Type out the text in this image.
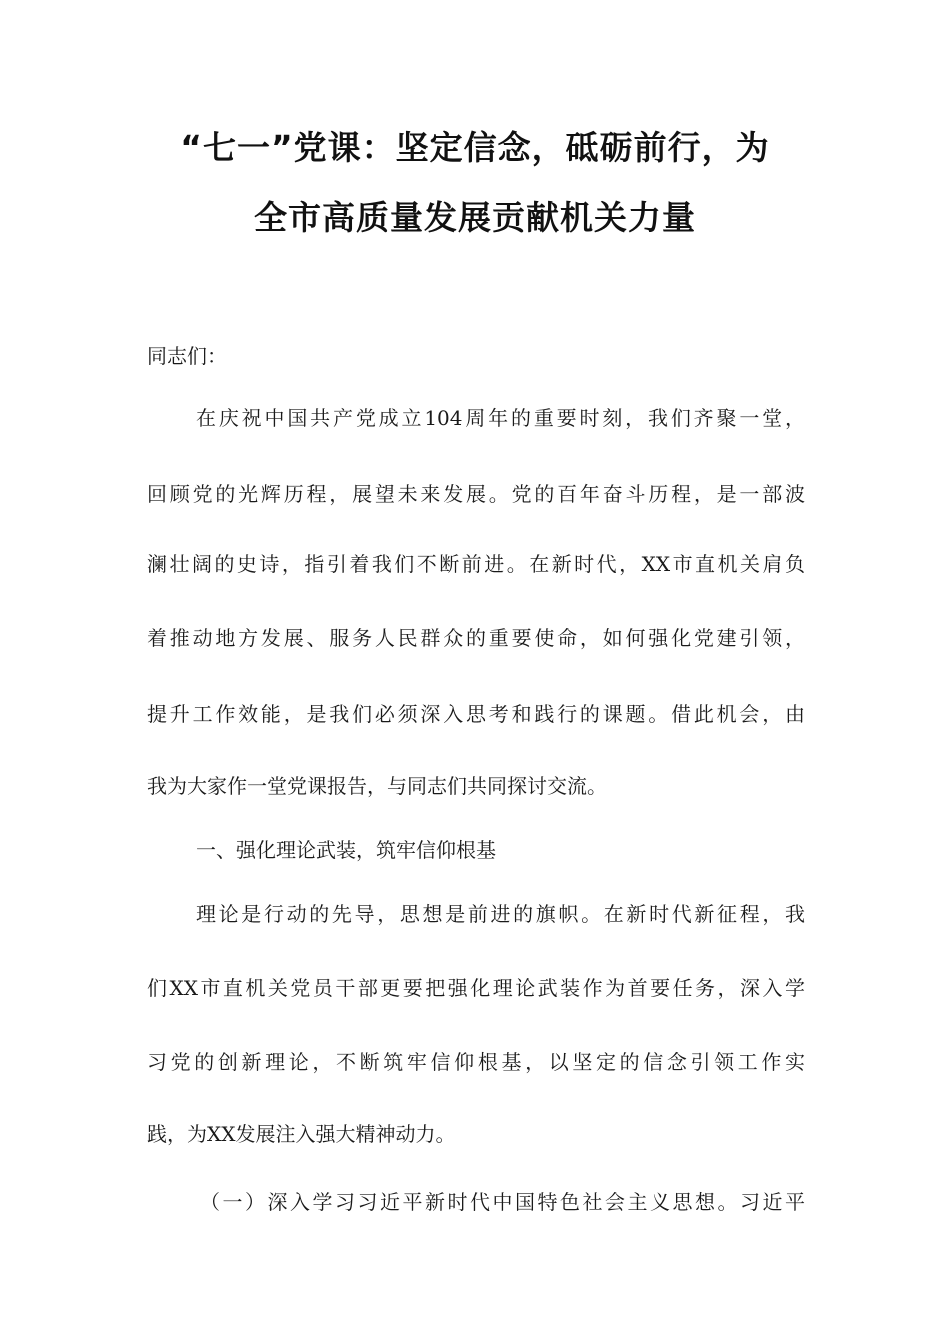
“七一”党课：坚定信念，砥砺前行，为
全市高质量发展贡献机关力量
同志们：
在庆祝中国共产党成立104周年的重要时刻，我们齐聚一堂，
回顾党的光辉历程，展望未来发展。党的百年奋斗历程，是一部波
澜壮阔的史诗，指引着我们不断前进。在新时代，XX市直机关肩负
着推动地方发展、服务人民群众的重要使命，如何强化党建引领，
提升工作效能，是我们必须深入思考和践行的课题。借此机会，由
我为大家作一堂党课报告，与同志们共同探讨交流。
一、强化理论武装，筑牢信仰根基
理论是行动的先导，思想是前进的旗帜。在新时代新征程，我
们XX市直机关党员干部更要把强化理论武装作为首要任务，深入学
习党的创新理论，不断筑牢信仰根基，以坚定的信念引领工作实
践，为XX发展注入强大精神动力。
（一）深入学习习近平新时代中国特色社会主义思想。习近平
